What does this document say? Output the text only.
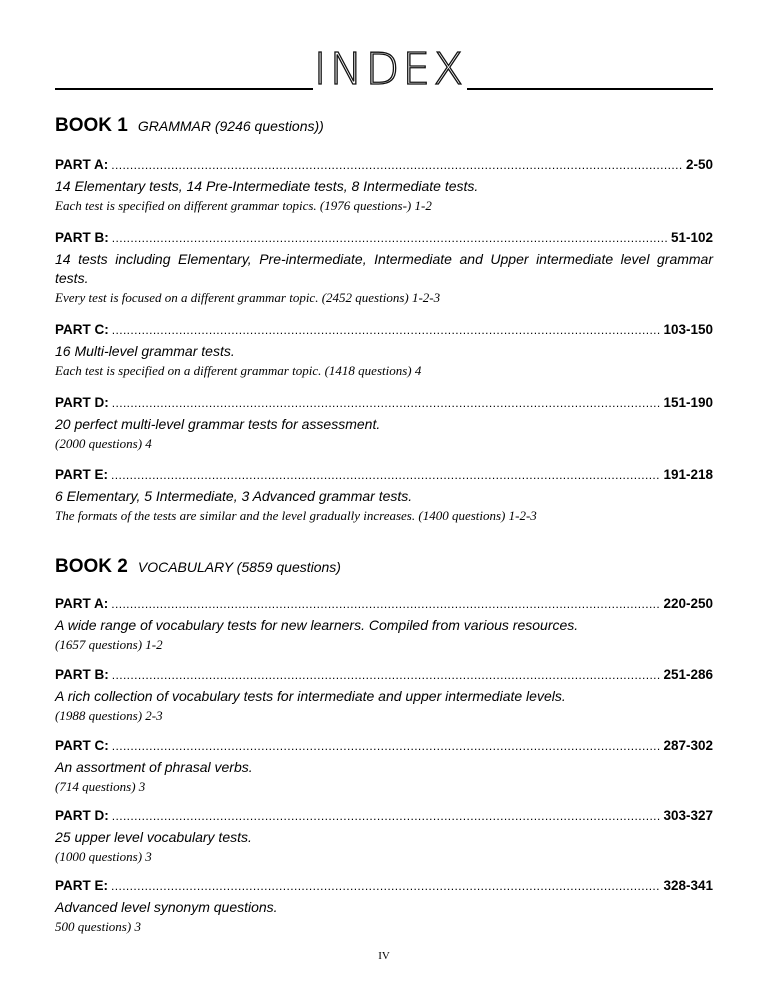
INDEX
BOOK 1 GRAMMAR (9246 questions))
PART A: .....	2-50
14 Elementary tests, 14 Pre-Intermediate tests, 8 Intermediate tests.
Each test is specified on different grammar topics. (1976 questions-) 1-2
PART B: .....	51-102
14 tests including Elementary, Pre-intermediate, Intermediate and Upper intermediate level grammar tests.
Every test is focused on a different grammar topic. (2452 questions) 1-2-3
PART C: .....	103-150
16 Multi-level grammar tests.
Each test is specified on a different grammar topic. (1418 questions) 4
PART D: .....	151-190
20 perfect multi-level grammar tests for assessment.
(2000 questions) 4
PART E: .....	191-218
6 Elementary, 5 Intermediate, 3 Advanced grammar tests.
The formats of the tests are similar and the level gradually increases. (1400 questions) 1-2-3
BOOK 2 VOCABULARY (5859 questions)
PART A: .....	220-250
A wide range of vocabulary tests for new learners. Compiled from various resources.
(1657 questions) 1-2
PART B: .....	251-286
A rich collection of vocabulary tests for intermediate and upper intermediate levels.
(1988 questions) 2-3
PART C: .....	287-302
An assortment of phrasal verbs.
(714 questions) 3
PART D: .....	303-327
25 upper level vocabulary tests.
(1000 questions) 3
PART E: .....	328-341
Advanced level synonym questions.
500 questions) 3
IV
